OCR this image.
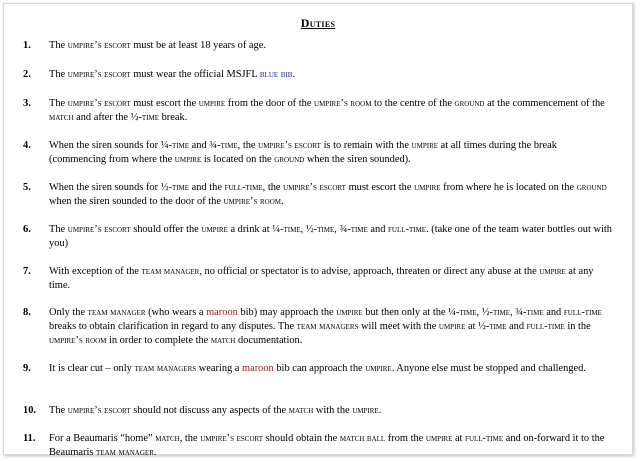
Duties
1.	The umpire’s escort must be at least 18 years of age.
2.	The umpire’s escort must wear the official MSJFL blue bib.
3.	The umpire’s escort must escort the umpire from the door of the umpire’s room to the centre of the ground at the commencement of the match and after the ½-time break.
4.	When the siren sounds for ¼-time and ¾-time, the umpire’s escort is to remain with the umpire at all times during the break (commencing from where the umpire is located on the ground when the siren sounded).
5.	When the siren sounds for ½-time and the full-time, the umpire’s escort must escort the umpire from where he is located on the ground when the siren sounded to the door of the umpire’s room.
6.	The umpire’s escort should offer the umpire a drink at ¼-time, ½-time, ¾-time and full-time. (take one of the team water bottles out with you)
7.	With exception of the team manager, no official or spectator is to advise, approach, threaten or direct any abuse at the umpire at any time.
8.	Only the team manager (who wears a maroon bib) may approach the umpire but then only at the ¼-time, ½-time, ¾-time and full-time breaks to obtain clarification in regard to any disputes. The team managers will meet with the umpire at ½-time and full-time in the umpire’s room in order to complete the match documentation.
9.	It is clear cut – only team managers wearing a maroon bib can approach the umpire. Anyone else must be stopped and challenged.
10.	The umpire’s escort should not discuss any aspects of the match with the umpire.
11.	For a Beaumaris “home” match, the umpire’s escort should obtain the match ball from the umpire at full-time and on-forward it to the Beaumaris team manager.
